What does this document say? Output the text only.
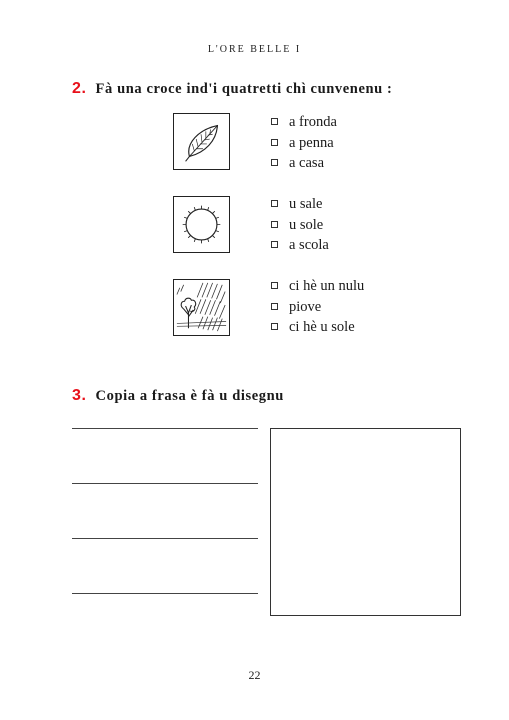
L'ORE BELLE I
2. Fà una croce ind'i quatretti chì cunvenenu :
a fronda
a penna
a casa
u sale
u sole
a scola
ci hè un nulu
piove
ci hè u sole
3. Copia a frasa è fà u disegnu
22
